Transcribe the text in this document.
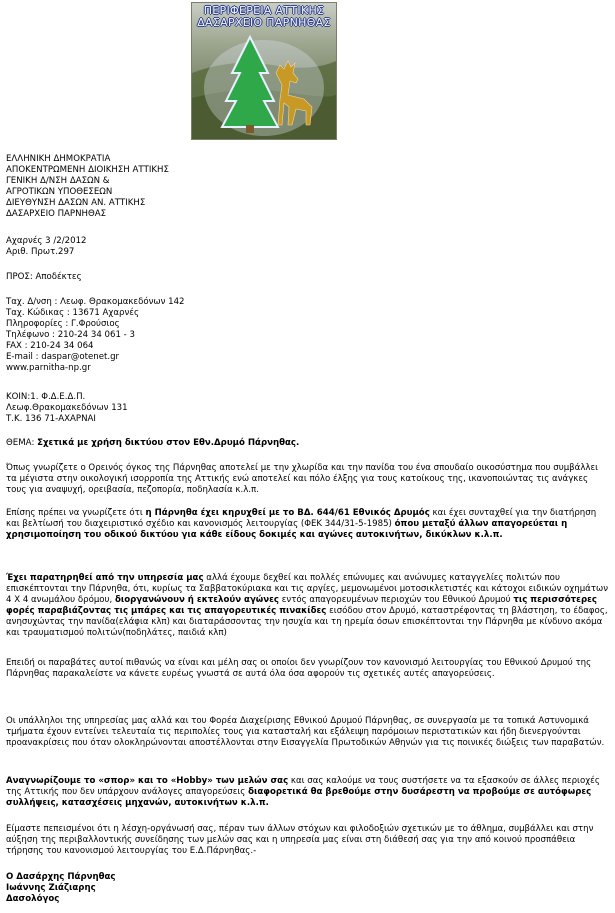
ΠΕΡΙΦΕΡΕΙΑ ΑΤΤΙΚΗΣ
ΔΑΣΑΡΧΕΙΟ ΠΑΡΝΗΘΑΣ
ΕΛΛΗΝΙΚΗ ΔΗΜΟΚΡΑΤΙΑ
ΑΠΟΚΕΝΤΡΩΜΕΝΗ ΔΙΟΙΚΗΣΗ ΑΤΤΙΚΗΣ
ΓΕΝΙΚΗ Δ/ΝΣΗ ΔΑΣΩΝ &
ΑΓΡΟΤΙΚΩΝ ΥΠΟΘΕΣΕΩΝ
ΔΙΕΥΘΥΝΣΗ ΔΑΣΩΝ ΑΝ. ΑΤΤΙΚΗΣ
ΔΑΣΑΡΧΕΙΟ ΠΑΡΝΗΘΑΣ
Αχαρνές 3 /2/2012
Αριθ. Πρωτ.297
ΠΡΟΣ: Αποδέκτες
Ταχ. Δ/νση : Λεωφ. Θρακομακεδόνων 142
Ταχ. Κώδικας : 13671 Αχαρνές
Πληροφορίες : Γ.Φρούσιος
Τηλέφωνο : 210-24 34 061 - 3
FAX : 210-24 34 064
E-mail : daspar@otenet.gr
www.parnitha-np.gr
ΚΟΙΝ:1. Φ.Δ.Ε.Δ.Π.
Λεωφ.Θρακομακεδόνων 131
Τ.Κ. 136 71-ΑΧΑΡΝΑΙ
ΘΕΜΑ: Σχετικά με χρήση δικτύου στον Εθν.Δρυμό Πάρνηθας.

Όπως γνωρίζετε ο Ορεινός όγκος της Πάρνηθας αποτελεί με την χλωρίδα και την πανίδα του ένα σπουδαίο οικοσύστημα που συμβάλλει τα μέγιστα στην οικολογική ισορροπία της Αττικής ενώ αποτελεί και πόλο έλξης για τους κατοίκους της, ικανοποιώντας τις ανάγκες τους για αναψυχή, ορειβασία, πεζοπορία, ποδηλασία κ.λ.π.

Επίσης πρέπει να γνωρίζετε ότι η Πάρνηθα έχει κηρυχθεί με το ΒΔ. 644/61 Εθνικός Δρυμός και έχει συνταχθεί για την διατήρηση και βελτίωσή του διαχειριστικό σχέδιο και κανονισμός λειτουργίας (ΦΕΚ 344/31-5-1985) όπου μεταξύ άλλων απαγορεύεται η χρησιμοποίηση του οδικού δικτύου για κάθε είδους δοκιμές και αγώνες αυτοκινήτων, δικύκλων κ.λ.π.

Έχει παρατηρηθεί από την υπηρεσία μας αλλά έχουμε δεχθεί και πολλές επώνυμες και ανώνυμες καταγγελίες πολιτών που επισκέπτονται την Πάρνηθα, ότι, κυρίως τα Σαββατοκύριακα και τις αργίες, μεμονωμένοι μοτοσικλετιστές και κάτοχοι ειδικών οχημάτων 4 Χ 4 ανωμάλου δρόμου, διοργανώνουν ή εκτελούν αγώνες εντός απαγορευμένων περιοχών του Εθνικού Δρυμού τις περισσότερες φορές παραβιάζοντας τις μπάρες και τις απαγορευτικές πινακίδες εισόδου στον Δρυμό, καταστρέφοντας τη βλάστηση, το έδαφος, ανησυχώντας την πανίδα(ελάφια κλπ) και διαταράσσοντας την ησυχία και τη ηρεμία όσων επισκέπτονται την Πάρνηθα με κίνδυνο ακόμα και τραυματισμού πολιτών(ποδηλάτες, παιδιά κλπ)

Επειδή οι παραβάτες αυτοί πιθανώς να είναι και μέλη σας οι οποίοι δεν γνωρίζουν τον κανονισμό λειτουργίας του Εθνικού Δρυμού της Πάρνηθας παρακαλείστε να κάνετε ευρέως γνωστά σε αυτά όλα όσα αφορούν τις σχετικές αυτές απαγορεύσεις.

Οι υπάλληλοι της υπηρεσίας μας αλλά και του Φορέα Διαχείρισης Εθνικού Δρυμού Πάρνηθας, σε συνεργασία με τα τοπικά Αστυνομικά τμήματα έχουν εντείνει τελευταία τις περιπολίες τους για κατασταλή και εξάλειψη παρόμοιων περιστατικών και ήδη διενεργούνται προανακρίσεις που όταν ολοκληρώνονται αποστέλλονται στην Εισαγγελία Πρωτοδικών Αθηνών για τις ποινικές διώξεις των παραβατών.

Αναγνωρίζουμε το «σπορ» και το «Hobby» των μελών σας και σας καλούμε να τους συστήσετε να τα εξασκούν σε άλλες περιοχές της Αττικής που δεν υπάρχουν ανάλογες απαγορεύσεις διαφορετικά θα βρεθούμε στην δυσάρεστη να προβούμε σε αυτόφωρες συλλήψεις, κατασχέσεις μηχανών, αυτοκινήτων κ.λ.π.

Είμαστε πεπεισμένοι ότι η λέσχη-οργάνωσή σας, πέραν των άλλων στόχων και φιλοδοξιών σχετικών με το άθλημα, συμβάλλει και στην αύξηση της περιβαλλοντικής συνείδησης των μελών σας και η υπηρεσία μας είναι στη διάθεσή σας για την από κοινού προσπάθεια τήρησης του κανονισμού λειτουργίας του Ε.Δ.Πάρνηθας.-

Ο Δασάρχης Πάρνηθας
Ιωάννης Ζιάζιαρης
Δασολόγος
